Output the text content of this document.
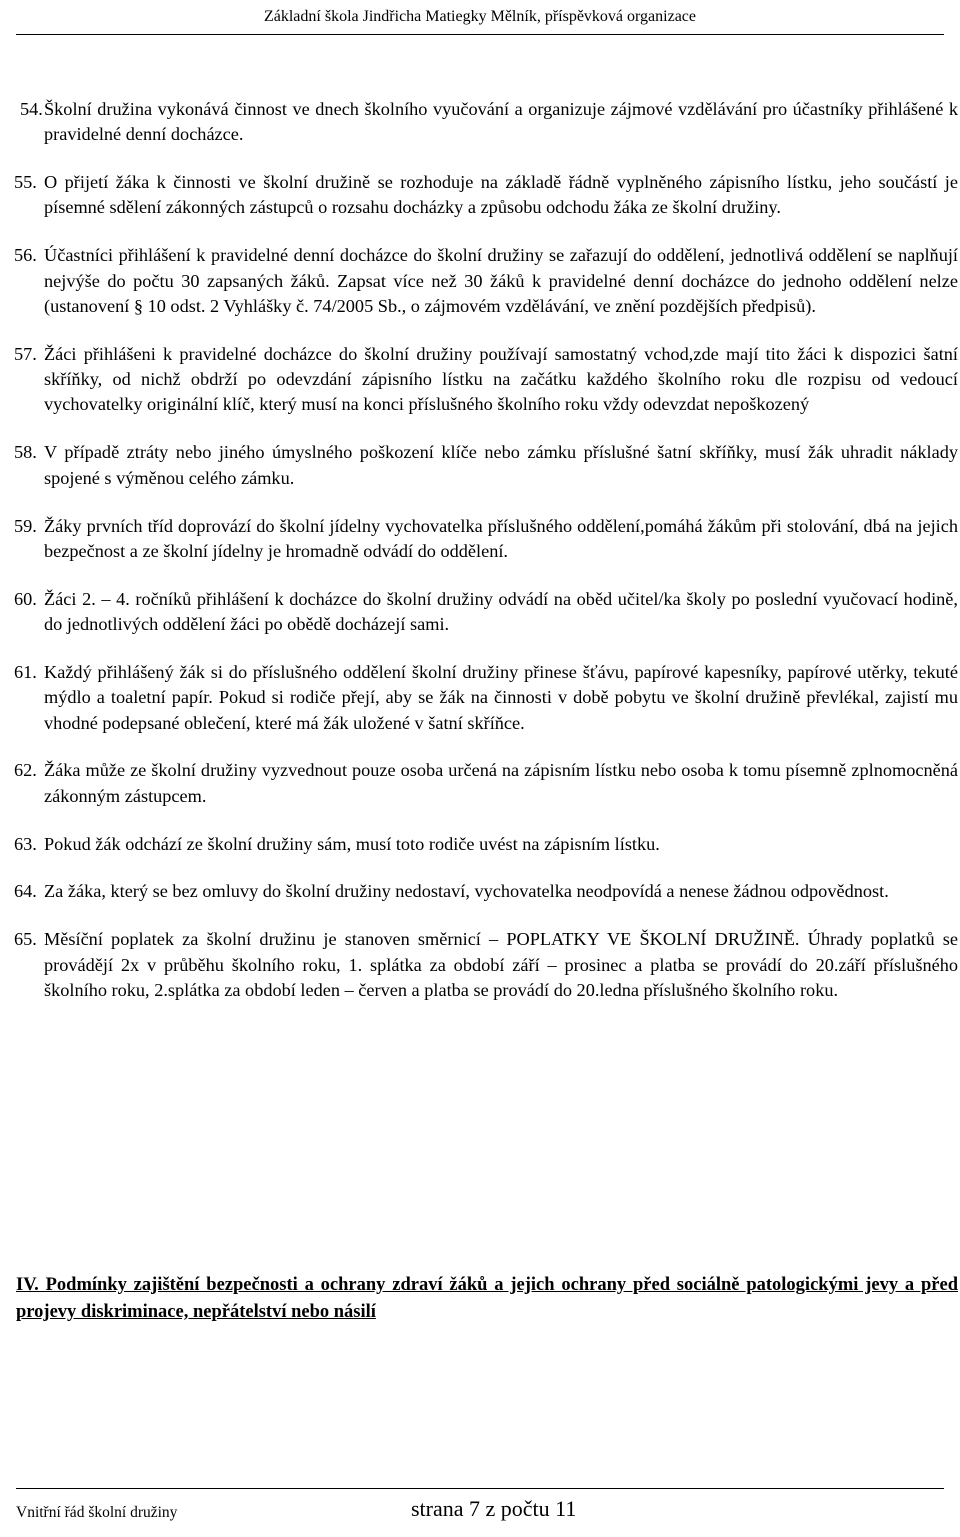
Základní škola Jindřicha Matiegky Mělník, příspěvková organizace
54. Školní družina vykonává činnost ve dnech školního vyučování a organizuje zájmové vzdělávání pro účastníky přihlášené k pravidelné denní docházce.
55. O přijetí žáka k činnosti ve školní družině se rozhoduje na základě řádně vyplněného zápisního lístku, jeho součástí je písemné sdělení zákonných zástupců o rozsahu docházky a způsobu odchodu žáka ze školní družiny.
56. Účastníci přihlášení k pravidelné denní docházce do školní družiny se zařazují do oddělení, jednotlivá oddělení se naplňují nejvýše do počtu 30 zapsaných žáků. Zapsat více než 30 žáků k pravidelné denní docházce do jednoho oddělení nelze (ustanovení § 10 odst. 2 Vyhlášky č. 74/2005 Sb., o zájmovém vzdělávání, ve znění pozdějších předpisů).
57. Žáci přihlášeni k pravidelné docházce do školní družiny používají samostatný vchod,zde mají tito žáci k dispozici šatní skříňky, od nichž obdrží po odevzdání zápisního lístku na začátku každého školního roku dle rozpisu od vedoucí vychovatelky originální klíč, který musí na konci příslušného školního roku vždy odevzdat nepoškozený
58. V případě ztráty nebo jiného úmyslného poškození klíče nebo zámku příslušné šatní skříňky, musí žák uhradit náklady spojené s výměnou celého zámku.
59. Žáky prvních tříd doprovází do školní jídelny vychovatelka příslušného oddělení,pomáhá žákům při stolování, dbá na jejich bezpečnost a ze školní jídelny je hromadně odvádí do oddělení.
60. Žáci 2. – 4. ročníků přihlášení k docházce do školní družiny odvádí na oběd učitel/ka školy po poslední vyučovací hodině, do jednotlivých oddělení žáci po obědě docházejí sami.
61. Každý přihlášený žák si do příslušného oddělení školní družiny přinese šťávu, papírové kapesníky, papírové utěrky, tekuté mýdlo a toaletní papír. Pokud si rodiče přejí, aby se žák na činnosti v době pobytu ve školní družině převlékal, zajistí mu vhodné podepsané oblečení, které má žák uložené v šatní skříňce.
62. Žáka může ze školní družiny vyzvednout pouze osoba určená na zápisním lístku nebo osoba k tomu písemně zplnomocněná zákonným zástupcem.
63. Pokud žák odchází ze školní družiny sám, musí toto rodiče uvést na zápisním lístku.
64. Za žáka, který se bez omluvy do školní družiny nedostaví, vychovatelka neodpovídá a nenese žádnou odpovědnost.
65. Měsíční poplatek za školní družinu je stanoven směrnicí – POPLATKY VE ŠKOLNÍ DRUŽINĚ. Úhrady poplatků se provádějí 2x v průběhu školního roku, 1. splátka za období září – prosinec a platba se provádí do 20.září příslušného školního roku, 2.splátka za období leden – červen a platba se provádí do 20.ledna příslušného školního roku.
IV. Podmínky zajištění bezpečnosti a ochrany zdraví žáků a jejich ochrany před sociálně patologickými jevy a před projevy diskriminace, nepřátelství nebo násilí
Vnitřní řád školní družiny	strana 7 z počtu 11
